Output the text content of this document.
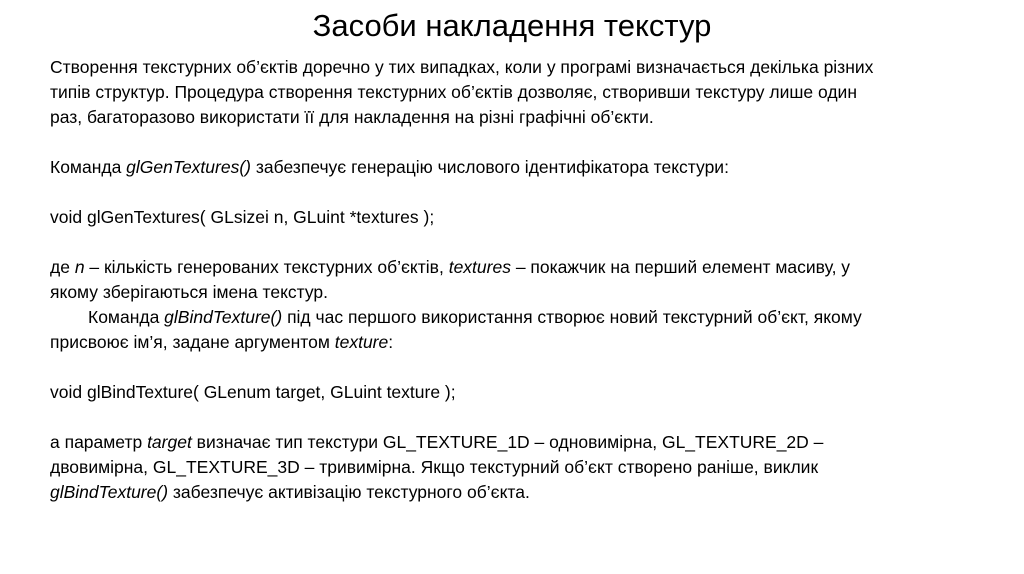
Засоби накладення текстур
Створення текстурних об’єктів доречно у тих випадках, коли у програмі визначається декілька різних
типів структур. Процедура створення текстурних об’єктів дозволяє, створивши текстуру лише один
раз, багаторазово використати її для накладення на різні графічні об’єкти.
Команда glGenTextures() забезпечує генерацію числового ідентифікатора текстури:
void glGenTextures( GLsizei n, GLuint *textures );
де n – кількість генерованих текстурних об’єктів, textures – покажчик на перший елемент масиву, у
якому зберігаються імена текстур.
Команда glBindTexture() під час першого використання створює новий текстурний об’єкт, якому
присвоює ім’я, задане аргументом texture:
void glBindTexture( GLenum target, GLuint texture );
а параметр target визначає тип текстури GL_TEXTURE_1D – одновимірна, GL_TEXTURE_2D –
двовимірна, GL_TEXTURE_3D – тривимірна. Якщо текстурний об’єкт створено раніше, виклик
glBindTexture() забезпечує активізацію текстурного об’єкта.
